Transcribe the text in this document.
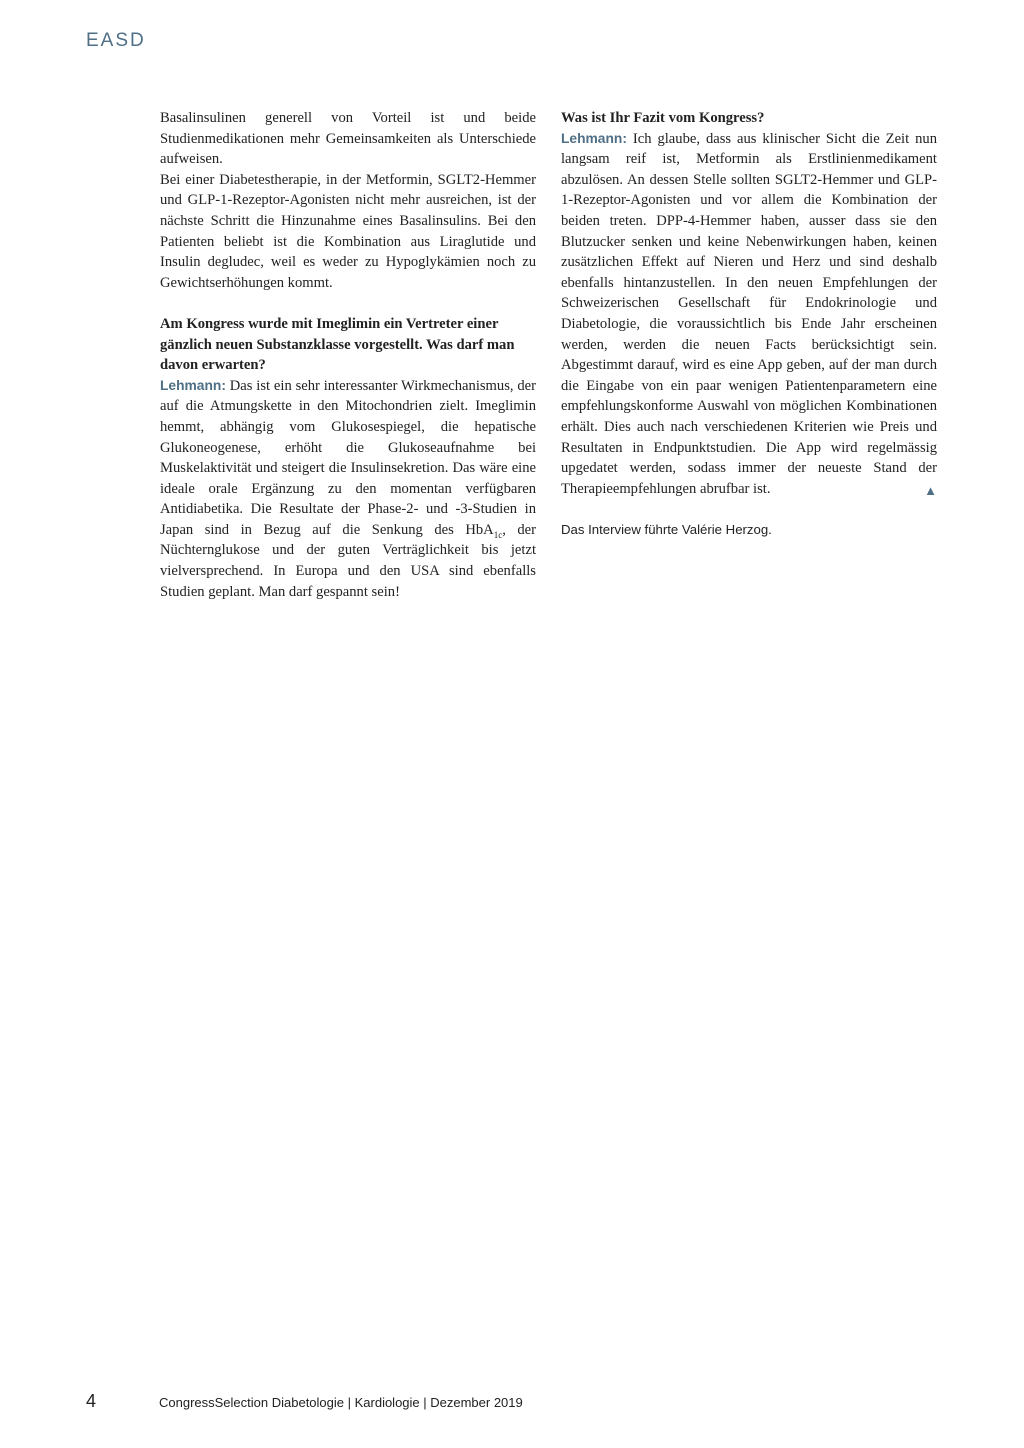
EASD

Basalinsulinen generell von Vorteil ist und beide Studienmedikationen mehr Gemeinsamkeiten als Unterschiede aufweisen.

Bei einer Diabetestherapie, in der Metformin, SGLT2-Hemmer und GLP-1-Rezeptor-Agonisten nicht mehr ausreichen, ist der nächste Schritt die Hinzunahme eines Basalinsulins. Bei den Patienten beliebt ist die Kombination aus Liraglutide und Insulin degludec, weil es weder zu Hypoglykämien noch zu Gewichtserhöhungen kommt.

Am Kongress wurde mit Imeglimin ein Vertreter einer gänzlich neuen Substanzklasse vorgestellt. Was darf man davon erwarten?

Lehmann: Das ist ein sehr interessanter Wirkmechanismus, der auf die Atmungskette in den Mitochondrien zielt. Imeglimin hemmt, abhängig vom Glukosespiegel, die hepatische Glukoneogenese, erhöht die Glukoseaufnahme bei Muskelaktivität und steigert die Insulinsekretion. Das wäre eine ideale orale Ergänzung zu den momentan verfügbaren Antidiabetika. Die Resultate der Phase-2- und -3-Studien in Japan sind in Bezug auf die Senkung des HbA$_{1c}$, der Nüchternglukose und der guten Verträglichkeit bis jetzt vielversprechend. In Europa und den USA sind ebenfalls Studien geplant. Man darf gespannt sein!

Was ist Ihr Fazit vom Kongress?

Lehmann: Ich glaube, dass aus klinischer Sicht die Zeit nun langsam reif ist, Metformin als Erstlinienmedikament abzulösen. An dessen Stelle sollten SGLT2-Hemmer und GLP-1-Rezeptor-Agonisten und vor allem die Kombination der beiden treten. DPP-4-Hemmer haben, ausser dass sie den Blutzucker senken und keine Nebenwirkungen haben, keinen zusätzlichen Effekt auf Nieren und Herz und sind deshalb ebenfalls hintanzustellen. In den neuen Empfehlungen der Schweizerischen Gesellschaft für Endokrinologie und Diabetologie, die voraussichtlich bis Ende Jahr erscheinen werden, werden die neuen Facts berücksichtigt sein. Abgestimmt darauf, wird es eine App geben, auf der man durch die Eingabe von ein paar wenigen Patientenparametern eine empfehlungskonforme Auswahl von möglichen Kombinationen erhält. Dies auch nach verschiedenen Kriterien wie Preis und Resultaten in Endpunktstudien. Die App wird regelmässig upgedatet werden, sodass immer der neueste Stand der Therapieempfehlungen abrufbar ist.	▲

Das Interview führte Valérie Herzog.

4	CongressSelection Diabetologie | Kardiologie | Dezember 2019
